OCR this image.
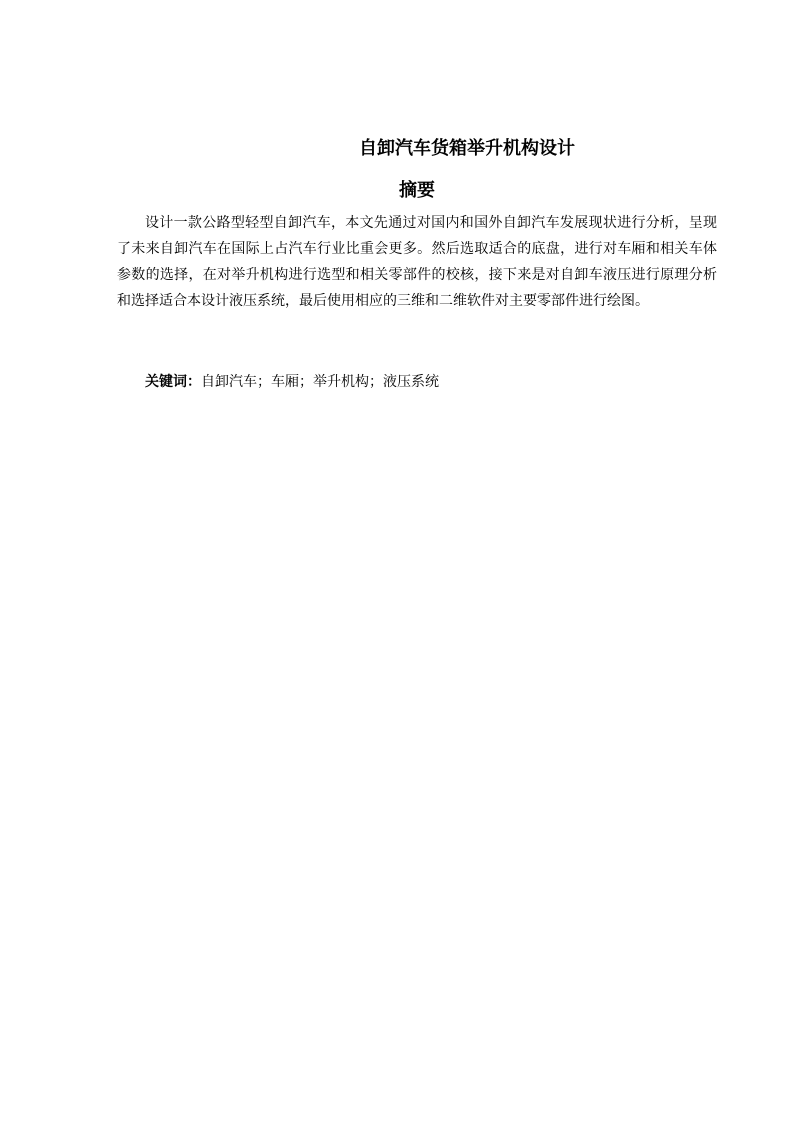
自卸汽车货箱举升机构设计
摘要

设计一款公路型轻型自卸汽车，本文先通过对国内和国外自卸汽车发展现状进行分析，呈现了未来自卸汽车在国际上占汽车行业比重会更多。然后选取适合的底盘，进行对车厢和相关车体参数的选择，在对举升机构进行选型和相关零部件的校核，接下来是对自卸车液压进行原理分析和选择适合本设计液压系统，最后使用相应的三维和二维软件对主要零部件进行绘图。

关键词：自卸汽车；车厢；举升机构；液压系统
